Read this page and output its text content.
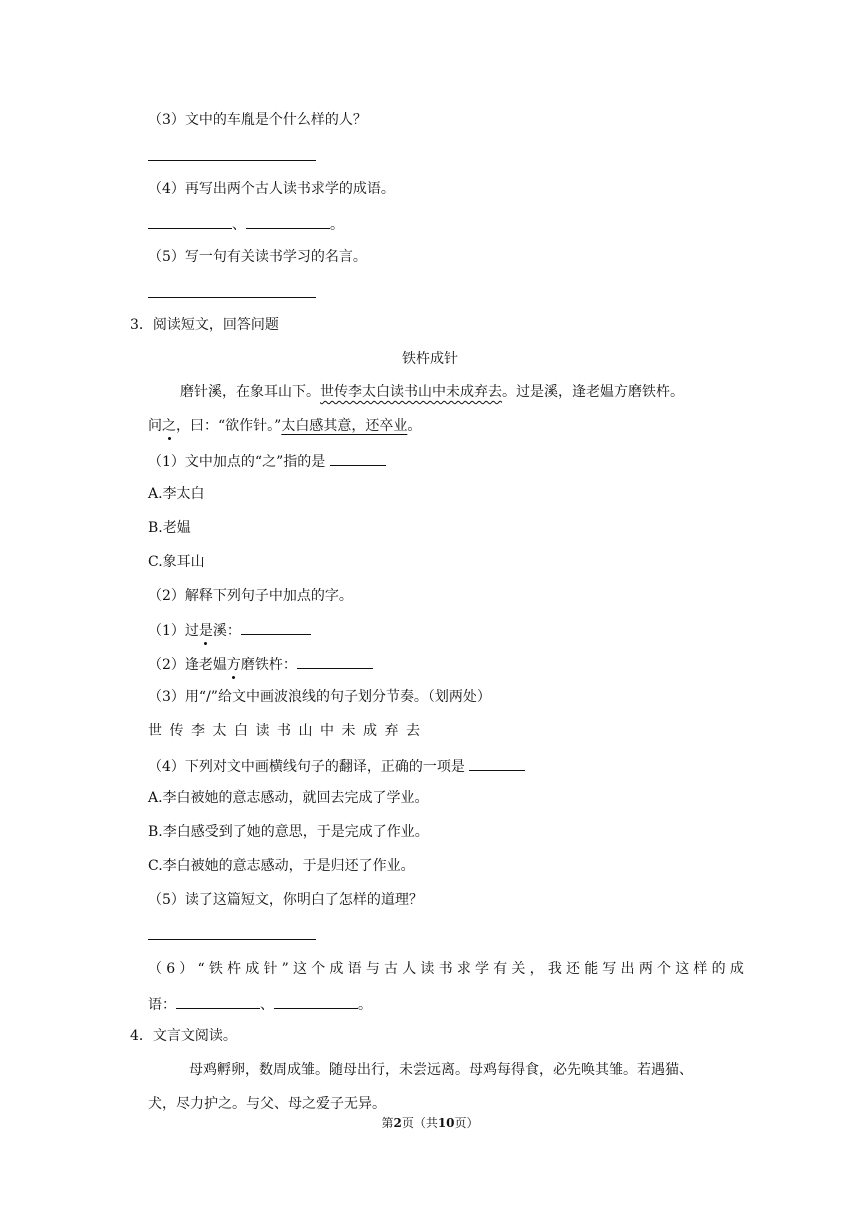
（3）文中的车胤是个什么样的人？
（4）再写出两个古人读书求学的成语。
、	。
（5）写一句有关读书学习的名言。
3．阅读短文，回答问题
铁杵成针
磨针溪，在象耳山下。世传李太白读书山中未成弃去。过是溪，逢老媪方磨铁杵。
问之，曰：“欲作针。”太白感其意，还卒业。
（1）文中加点的“之”指的是
A.李太白
B.老媪
C.象耳山
（2）解释下列句子中加点的字。
（1）过是溪：
（2）逢老媪方磨铁杵：
（3）用“/”给文中画波浪线的句子划分节奏。（划两处）
世 传 李 太 白 读 书 山 中 未 成 弃 去
（4）下列对文中画横线句子的翻译，正确的一项是
A.李白被她的意志感动，就回去完成了学业。
B.李白感受到了她的意思，于是完成了作业。
C.李白被她的意志感动，于是归还了作业。
（5）读了这篇短文，你明白了怎样的道理？
（6）“铁杵成针”这个成语与古人读书求学有关，我还能写出两个这样的成
语：	、	。
4．文言文阅读。
母鸡孵卵，数周成雏。随母出行，未尝远离。母鸡每得食，必先唤其雏。若遇猫、
犬，尽力护之。与父、母之爱子无异。
第2页（共10页）
